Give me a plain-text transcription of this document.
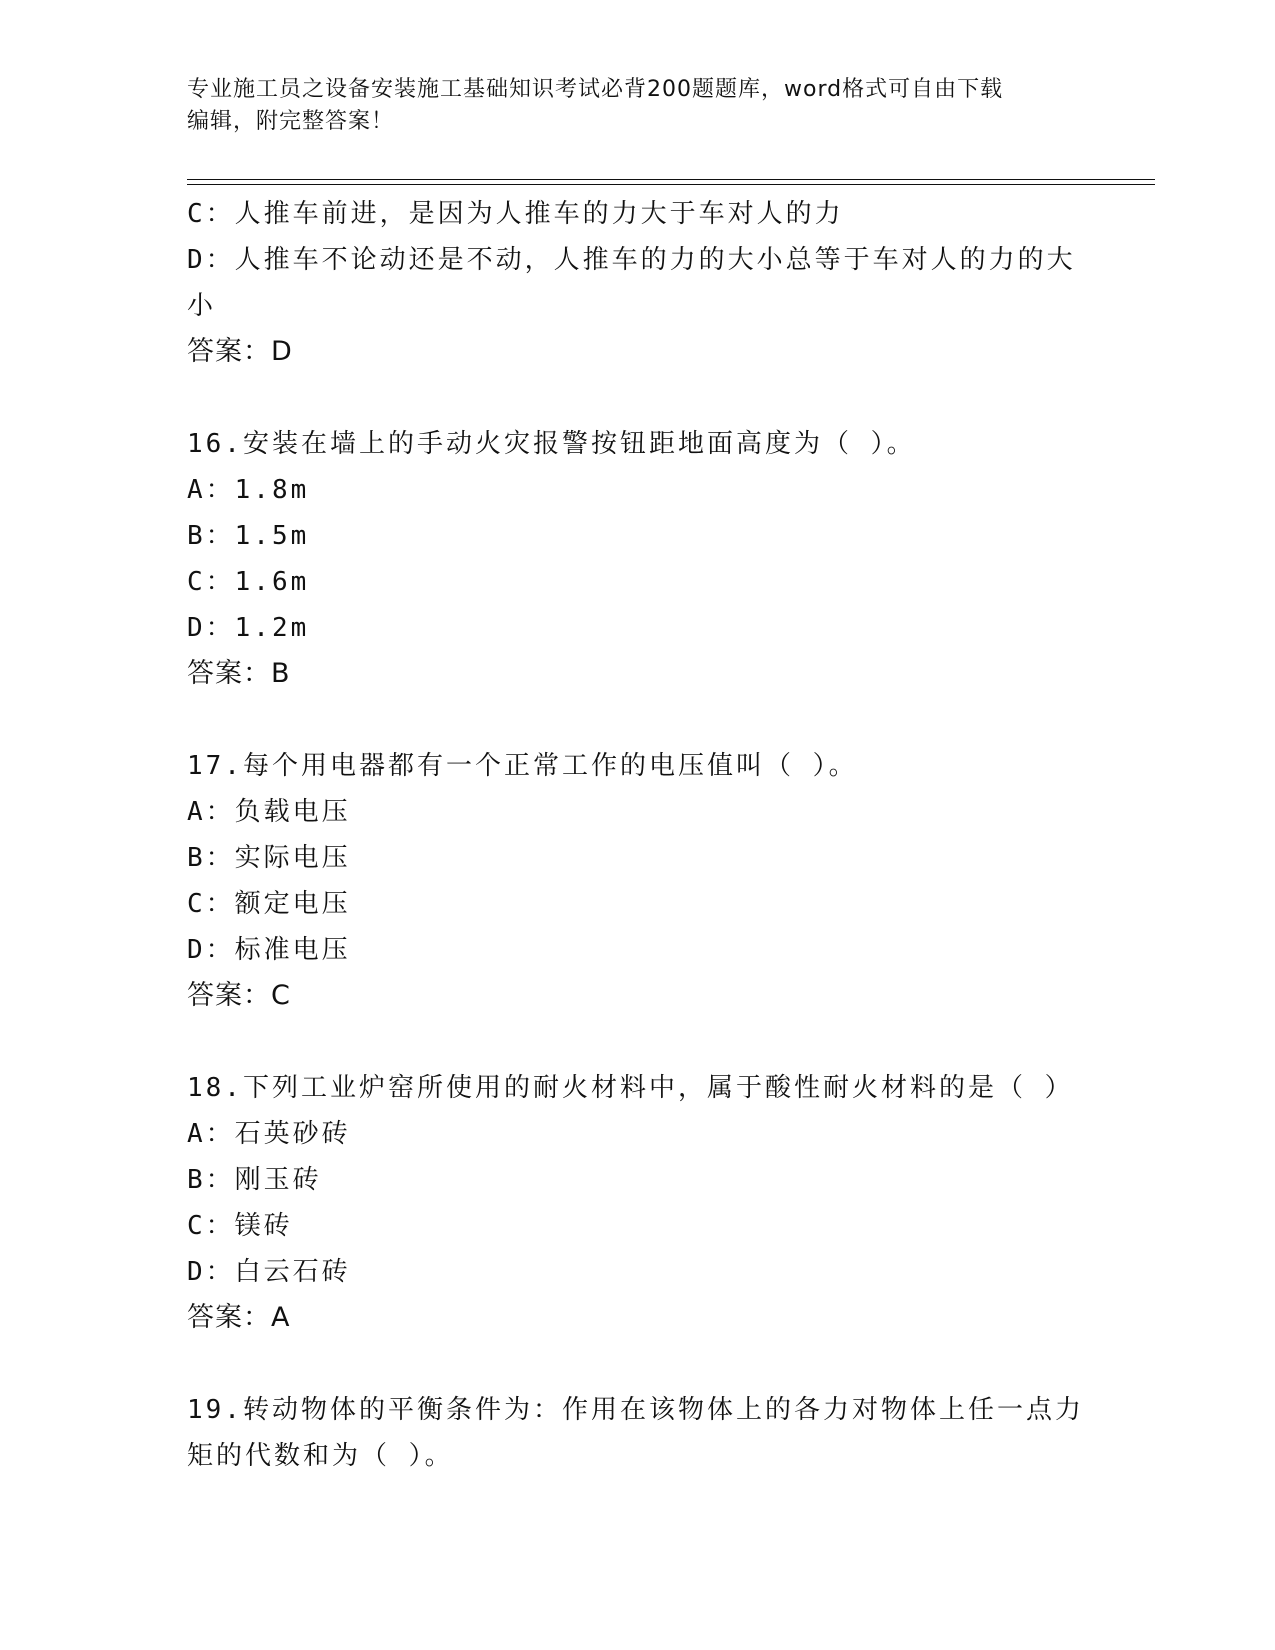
专业施工员之设备安装施工基础知识考试必背200题题库，word格式可自由下载
编辑，附完整答案！
C：人推车前进，是因为人推车的力大于车对人的力
D：人推车不论动还是不动，人推车的力的大小总等于车对人的力的大
小
答案：D
16.安装在墙上的手动火灾报警按钮距地面高度为（ ）。
A：1.8m
B：1.5m
C：1.6m
D：1.2m
答案：B
17.每个用电器都有一个正常工作的电压值叫（ ）。
A：负载电压
B：实际电压
C：额定电压
D：标准电压
答案：C
18.下列工业炉窑所使用的耐火材料中，属于酸性耐火材料的是（ ）
A：石英砂砖
B：刚玉砖
C：镁砖
D：白云石砖
答案：A
19.转动物体的平衡条件为：作用在该物体上的各力对物体上任一点力
矩的代数和为（ ）。
